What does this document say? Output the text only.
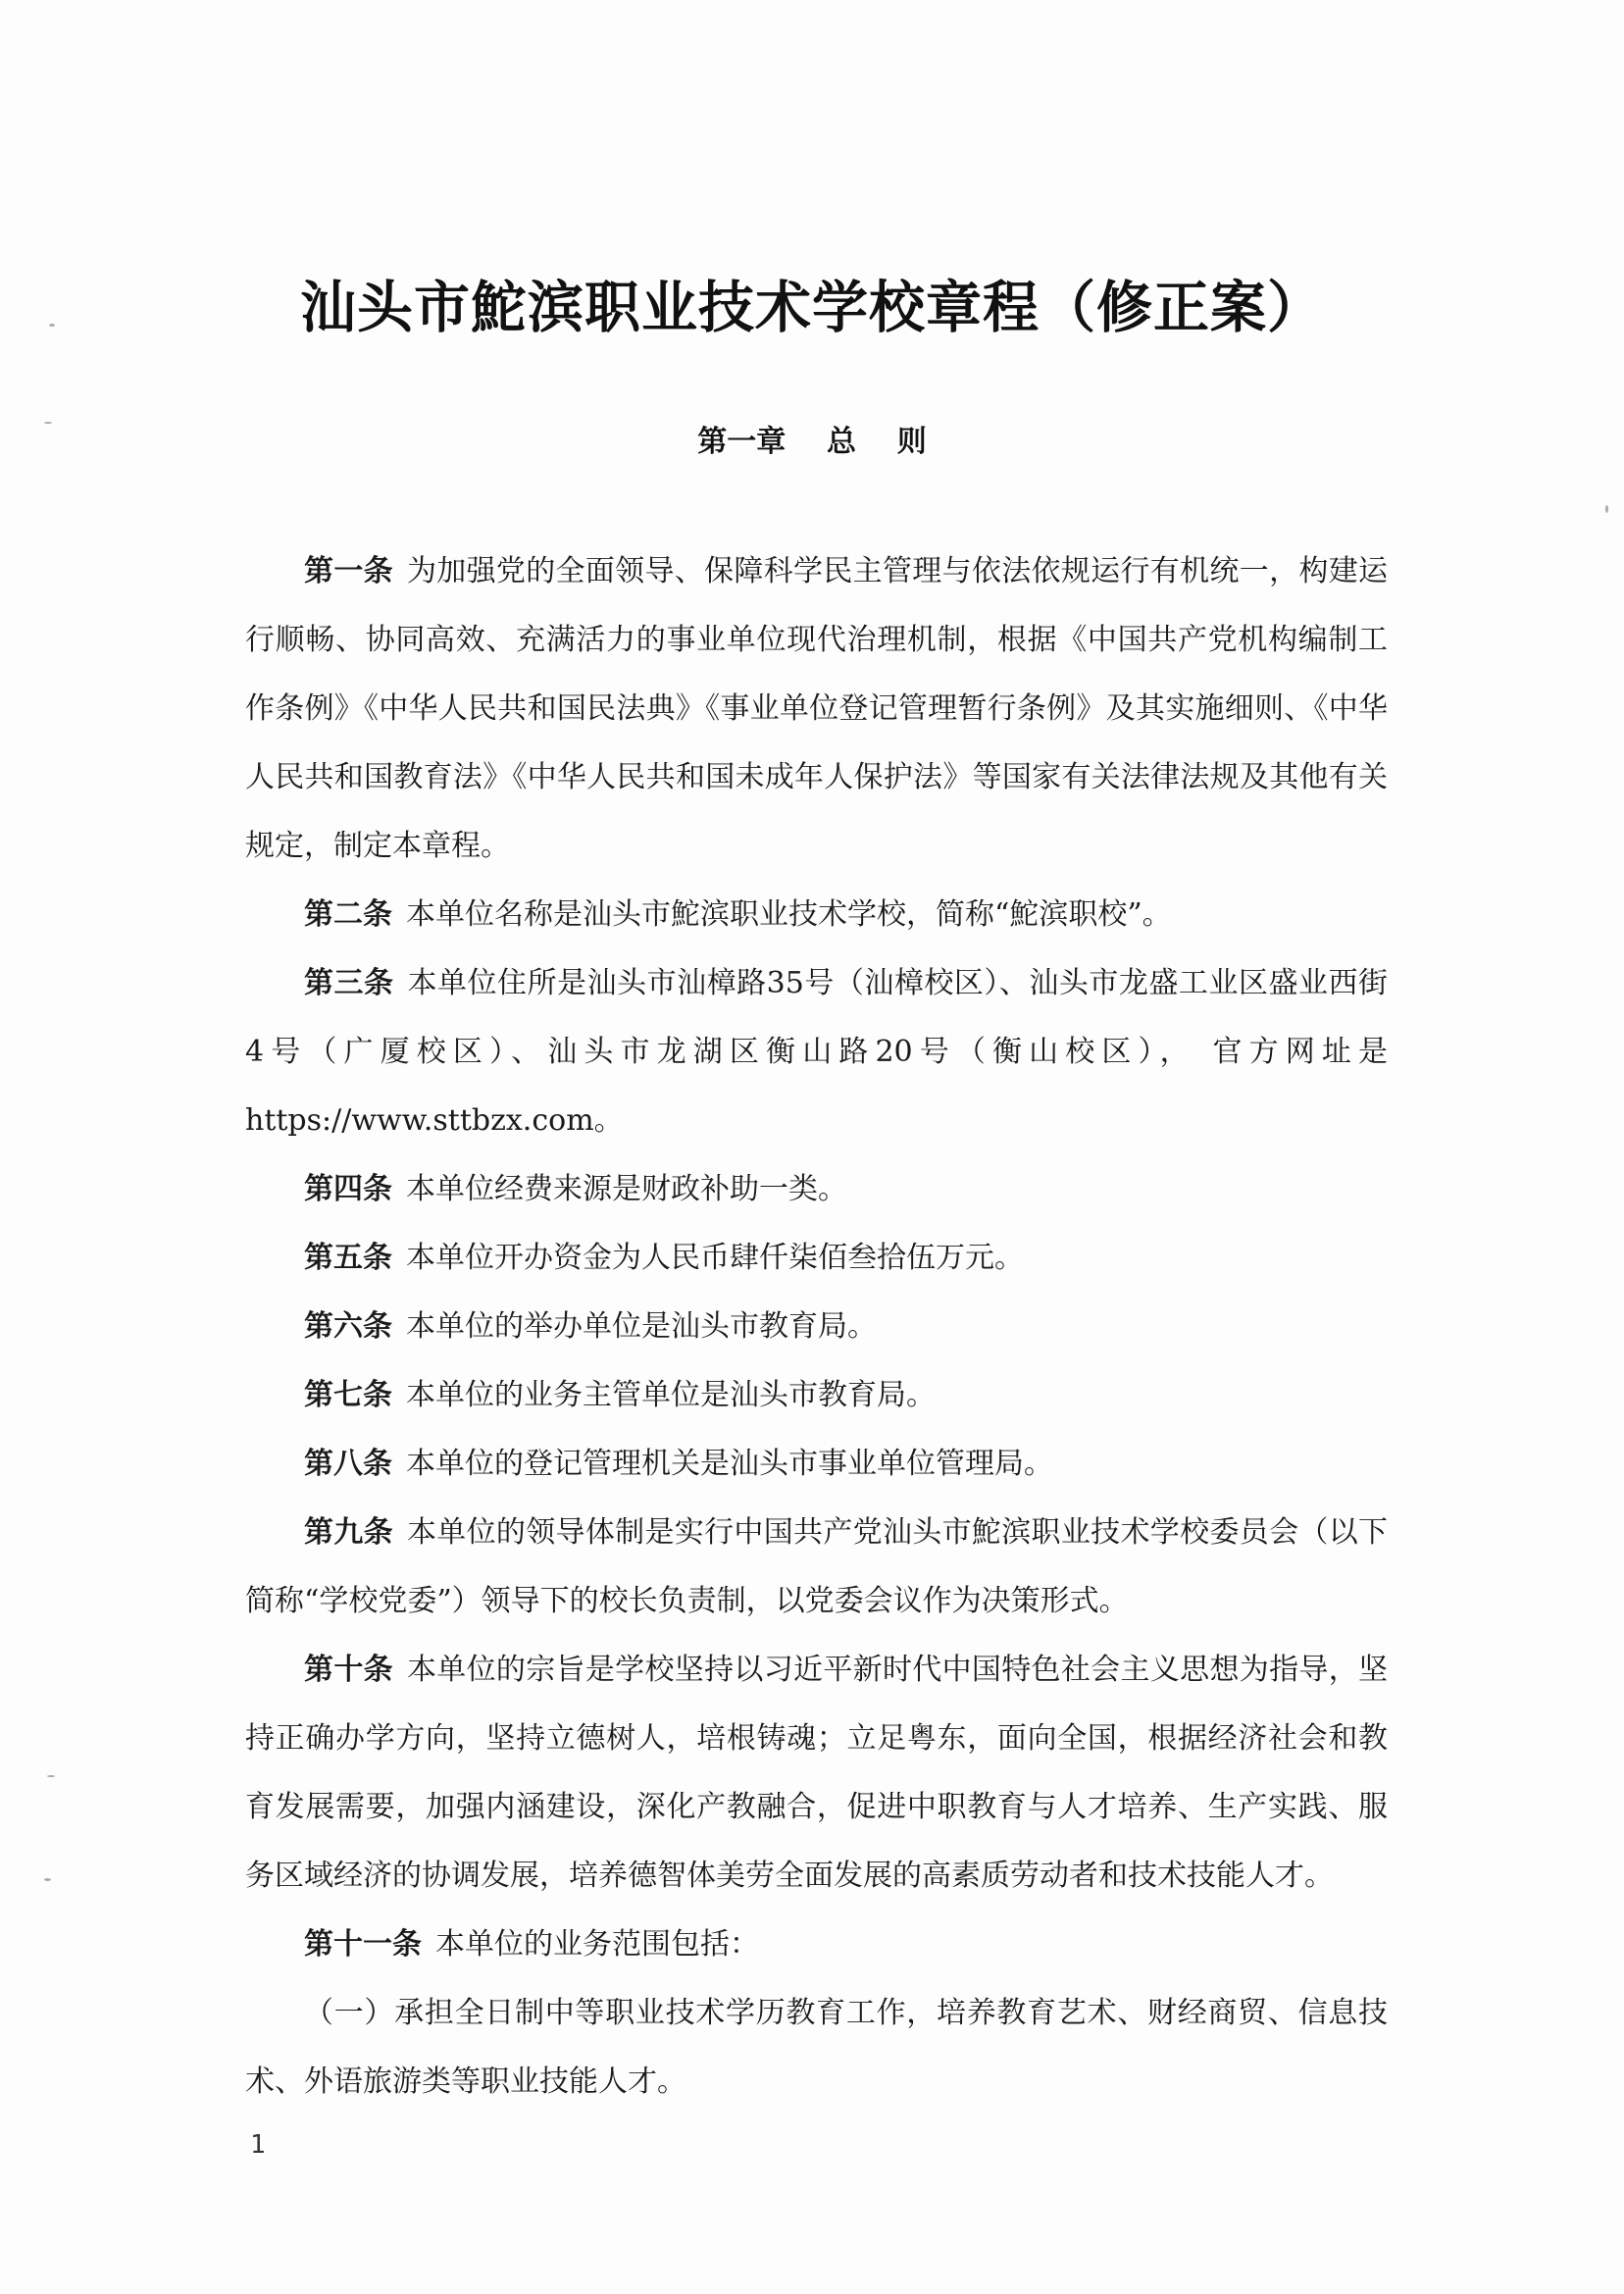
汕头市鮀滨职业技术学校章程（修正案）
第一章    总    则

第一条 为加强党的全面领导、保障科学民主管理与依法依规运行有机统一，构建运行顺畅、协同高效、充满活力的事业单位现代治理机制，根据《中国共产党机构编制工作条例》《中华人民共和国民法典》《事业单位登记管理暂行条例》及其实施细则、《中华人民共和国教育法》《中华人民共和国未成年人保护法》等国家有关法律法规及其他有关规定，制定本章程。

第二条 本单位名称是汕头市鮀滨职业技术学校，简称“鮀滨职校”。

第三条 本单位住所是汕头市汕樟路35号（汕樟校区）、汕头市龙盛工业区盛业西街4号（广厦校区）、汕头市龙湖区衡山路20号（衡山校区）， 官方网址是https://www.sttbzx.com。

第四条 本单位经费来源是财政补助一类。

第五条 本单位开办资金为人民币肆仟柒佰叁拾伍万元。

第六条 本单位的举办单位是汕头市教育局。

第七条 本单位的业务主管单位是汕头市教育局。

第八条 本单位的登记管理机关是汕头市事业单位管理局。

第九条 本单位的领导体制是实行中国共产党汕头市鮀滨职业技术学校委员会（以下简称“学校党委”）领导下的校长负责制，以党委会议作为决策形式。

第十条 本单位的宗旨是学校坚持以习近平新时代中国特色社会主义思想为指导，坚持正确办学方向，坚持立德树人，培根铸魂；立足粤东，面向全国，根据经济社会和教育发展需要，加强内涵建设，深化产教融合，促进中职教育与人才培养、生产实践、服务区域经济的协调发展，培养德智体美劳全面发展的高素质劳动者和技术技能人才。

第十一条 本单位的业务范围包括：

（一）承担全日制中等职业技术学历教育工作，培养教育艺术、财经商贸、信息技术、外语旅游类等职业技能人才。

1
